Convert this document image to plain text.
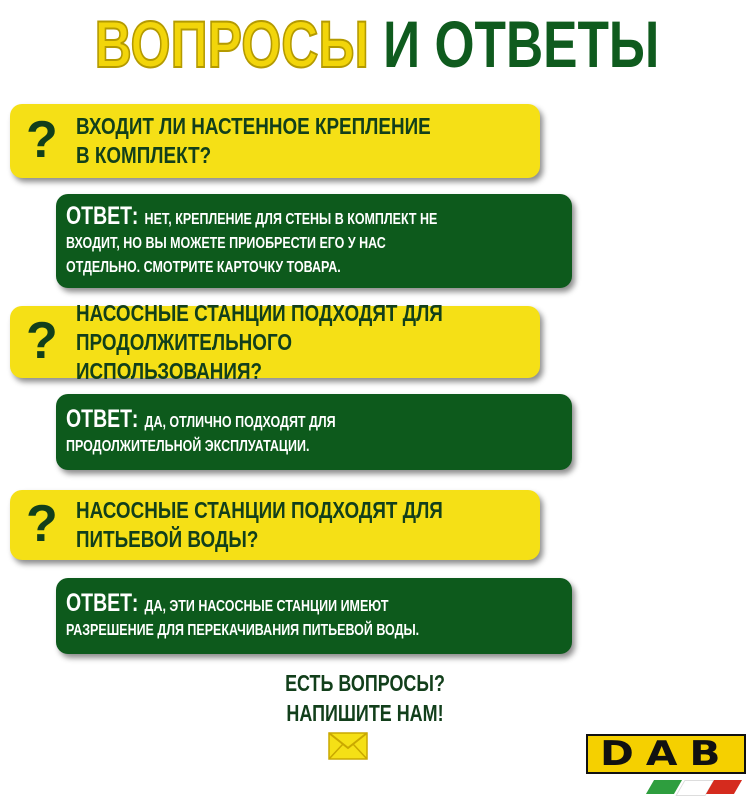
ВОПРОСЫ И ОТВЕТЫ
? ВХОДИТ ЛИ НАСТЕННОЕ КРЕПЛЕНИЕ
В КОМПЛЕКТ?
ОТВЕТ: НЕТ, КРЕПЛЕНИЕ ДЛЯ СТЕНЫ В КОМПЛЕКТ НЕ ВХОДИТ, НО ВЫ МОЖЕТЕ ПРИОБРЕСТИ ЕГО У НАС ОТДЕЛЬНО. СМОТРИТЕ КАРТОЧКУ ТОВАРА.
? НАСОСНЫЕ СТАНЦИИ ПОДХОДЯТ ДЛЯ
ПРОДОЛЖИТЕЛЬНОГО ИСПОЛЬЗОВАНИЯ?
ОТВЕТ: ДА, ОТЛИЧНО ПОДХОДЯТ ДЛЯ ПРОДОЛЖИТЕЛЬНОЙ ЭКСПЛУАТАЦИИ.
? НАСОСНЫЕ СТАНЦИИ ПОДХОДЯТ ДЛЯ
ПИТЬЕВОЙ ВОДЫ?
ОТВЕТ: ДА, ЭТИ НАСОСНЫЕ СТАНЦИИ ИМЕЮТ РАЗРЕШЕНИЕ ДЛЯ ПЕРЕКАЧИВАНИЯ ПИТЬЕВОЙ ВОДЫ.
ЕСТЬ ВОПРОСЫ?
НАПИШИТЕ НАМ!
DAB
